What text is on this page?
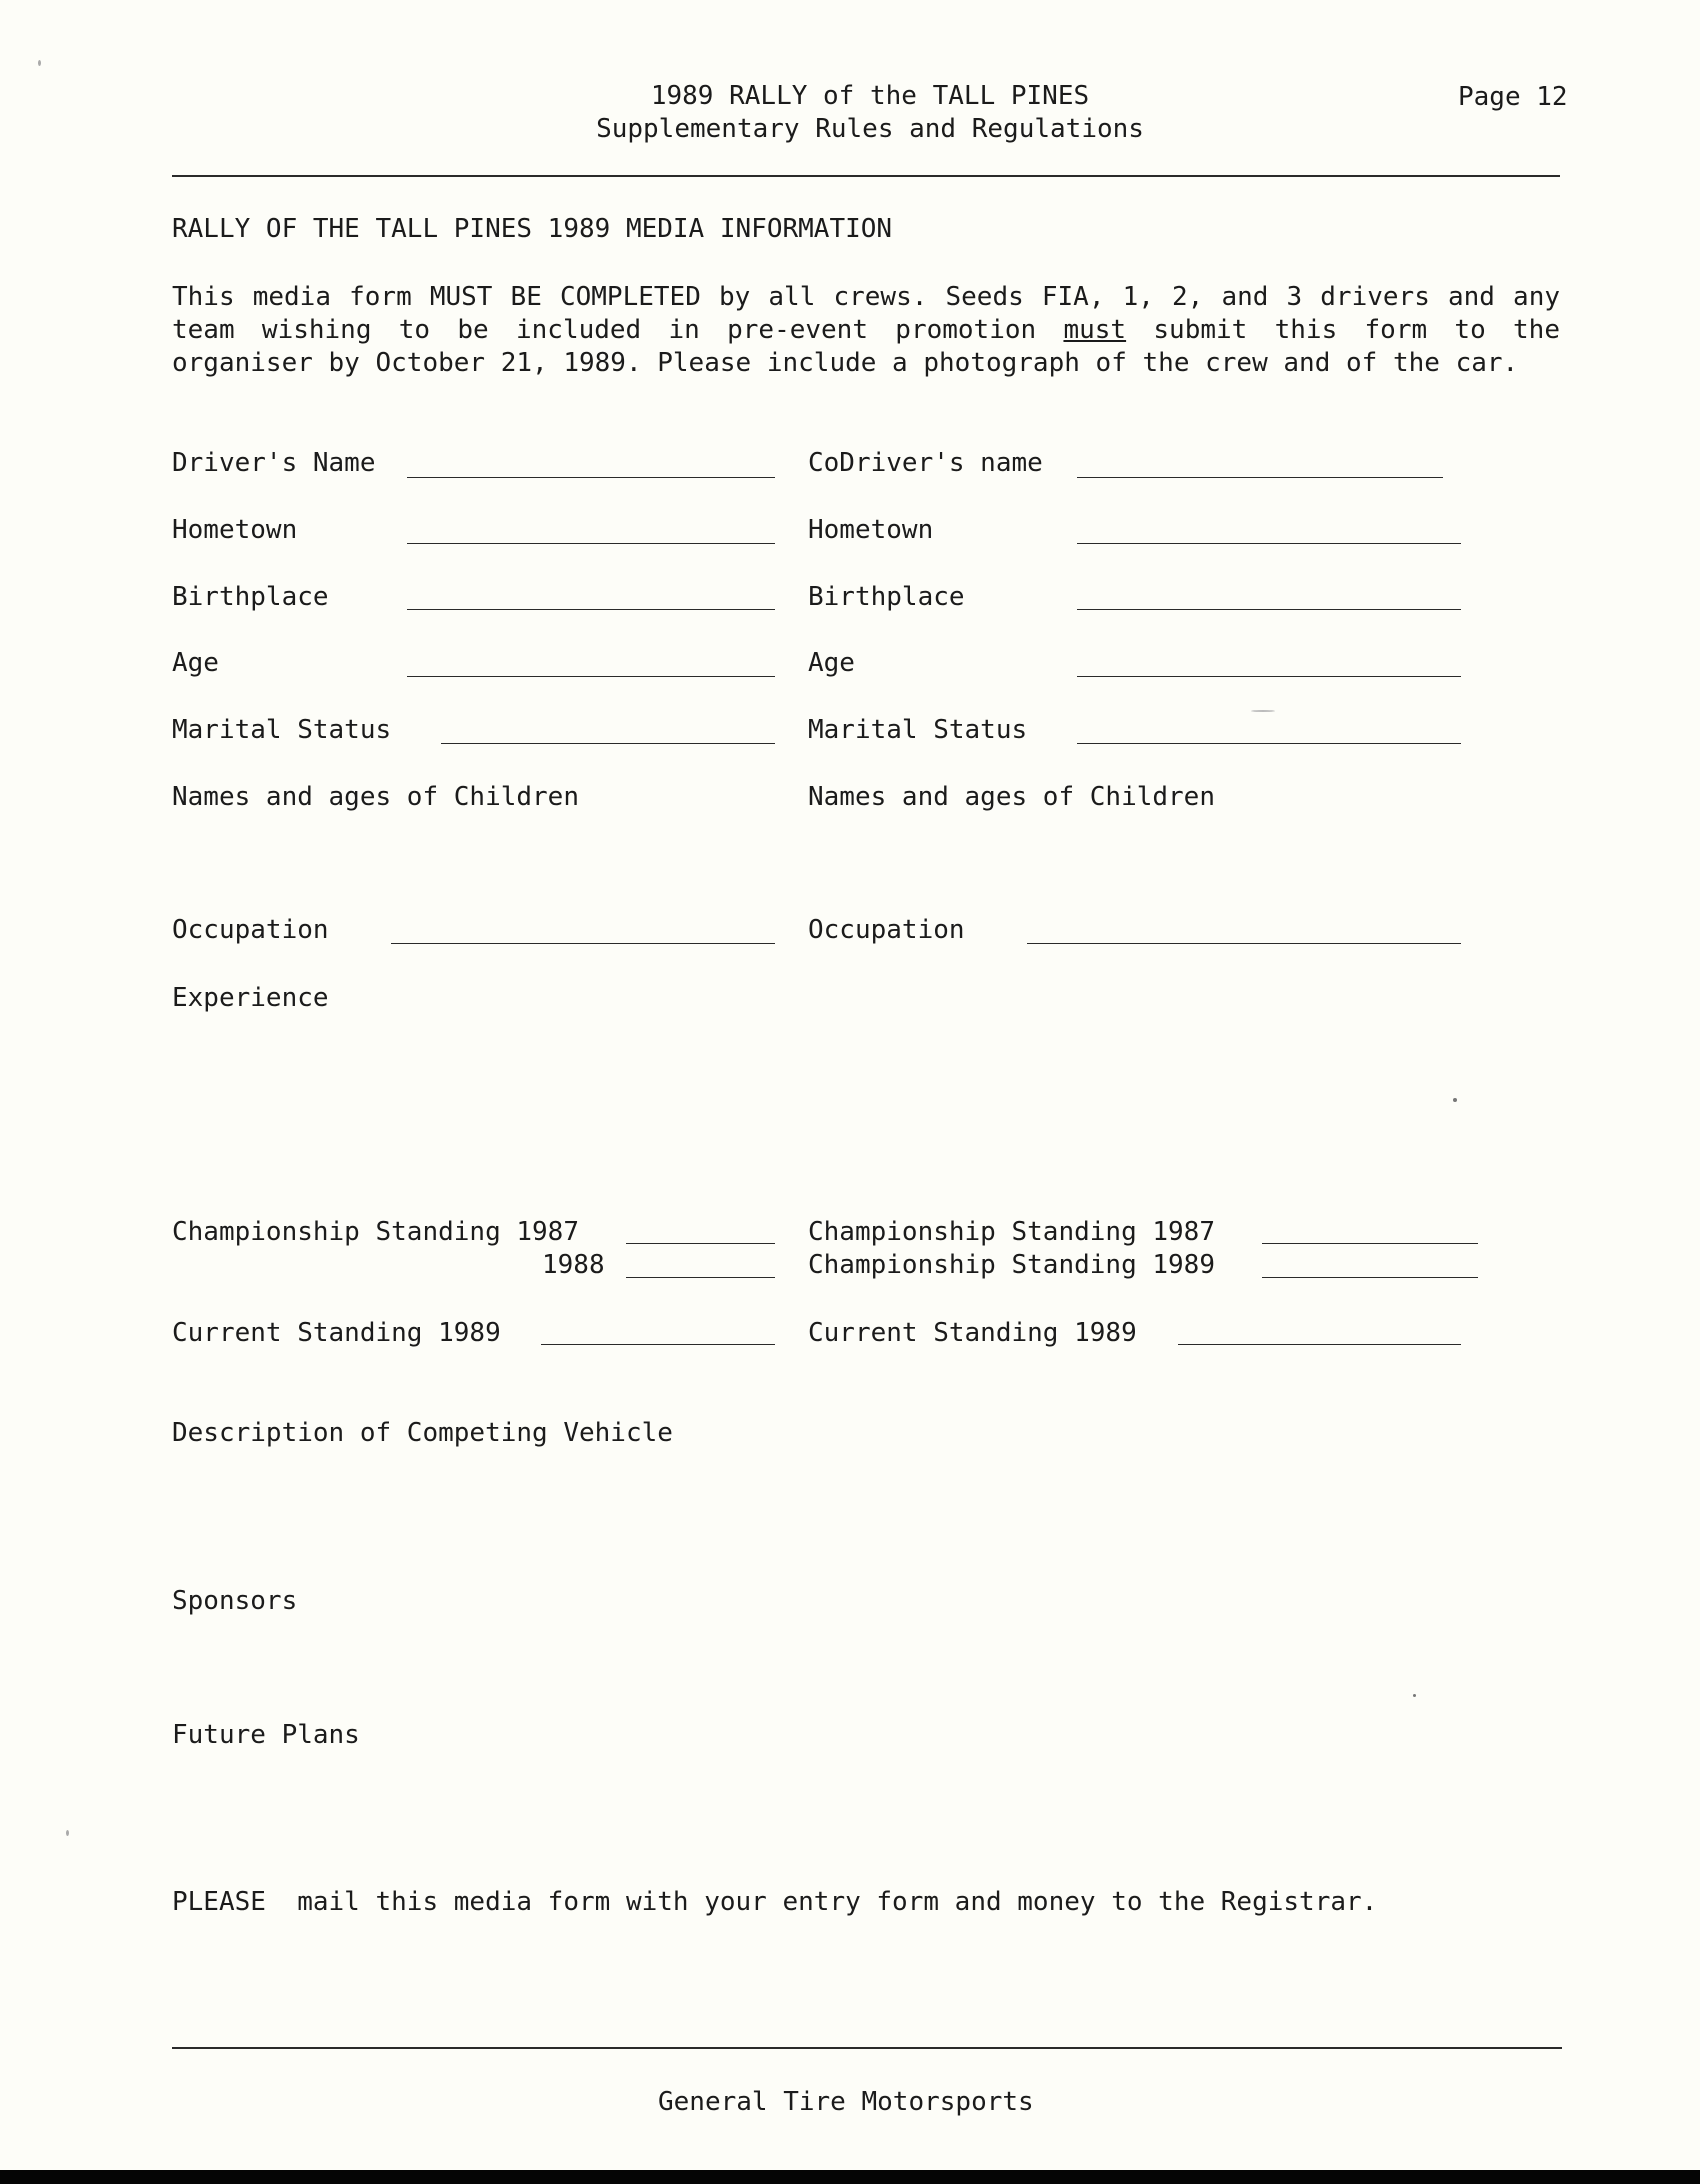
1989 RALLY of the TALL PINES
Supplementary Rules and Regulations
Page 12
RALLY OF THE TALL PINES 1989 MEDIA INFORMATION
This media form MUST BE COMPLETED by all crews. Seeds FIA, 1, 2, and 3 drivers and any team wishing to be included in pre-event promotion must submit this form to the organiser by October 21, 1989. Please include a photograph of the crew and of the car.
Driver's Name
Hometown
Birthplace
Age
Marital Status
Names and ages of Children
Occupation
Experience
Championship Standing 1987
1988
Current Standing 1989
CoDriver's name
Hometown
Birthplace
Age
Marital Status
Names and ages of Children
Occupation
Championship Standing 1987
Championship Standing 1989
Current Standing 1989
Description of Competing Vehicle
Sponsors
Future Plans
PLEASE  mail this media form with your entry form and money to the Registrar.
General Tire Motorsports
